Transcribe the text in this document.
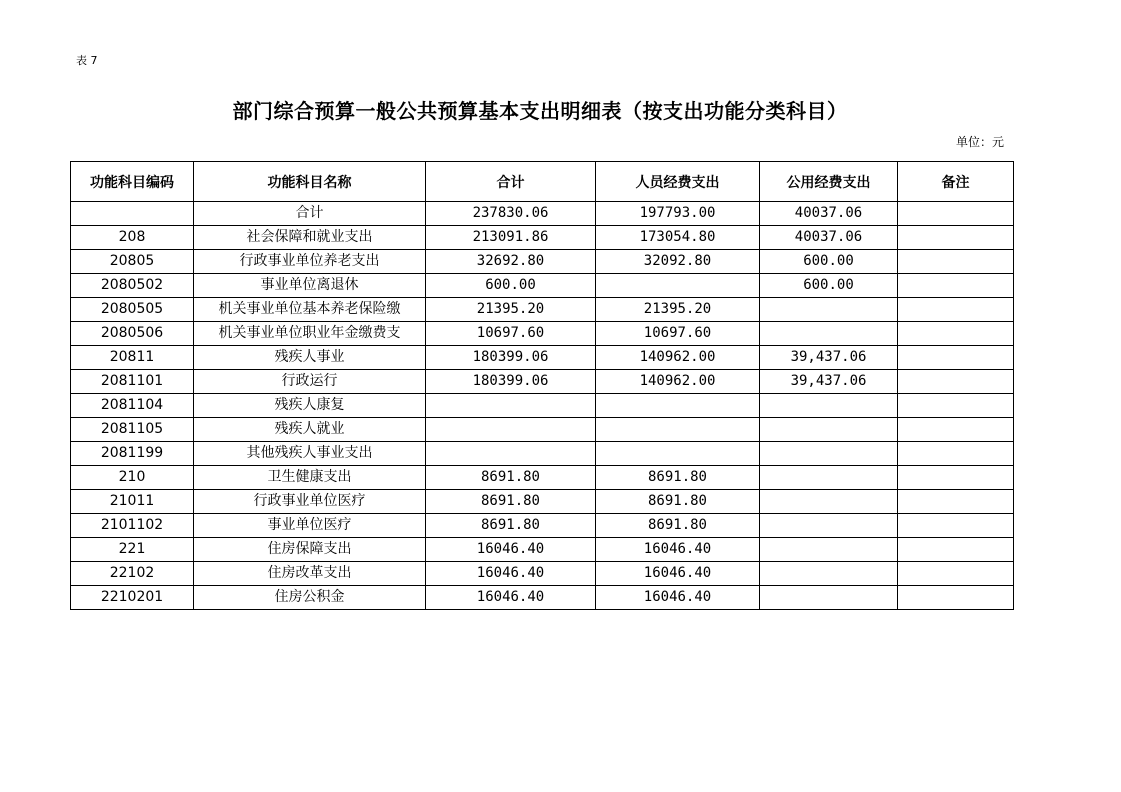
表 7
部门综合预算一般公共预算基本支出明细表（按支出功能分类科目）
单位：元
功能科目编码	功能科目名称	合计	人员经费支出	公用经费支出	备注
	合计	237830.06	197793.00	40037.06	
208	社会保障和就业支出	213091.86	173054.80	40037.06	
20805	行政事业单位养老支出	32692.80	32092.80	600.00	
2080502	事业单位离退休	600.00		600.00	
2080505	机关事业单位基本养老保险缴	21395.20	21395.20		
2080506	机关事业单位职业年金缴费支	10697.60	10697.60		
20811	残疾人事业	180399.06	140962.00	39,437.06	
2081101	行政运行	180399.06	140962.00	39,437.06	
2081104	残疾人康复				
2081105	残疾人就业				
2081199	其他残疾人事业支出				
210	卫生健康支出	8691.80	8691.80		
21011	行政事业单位医疗	8691.80	8691.80		
2101102	事业单位医疗	8691.80	8691.80		
221	住房保障支出	16046.40	16046.40		
22102	住房改革支出	16046.40	16046.40		
2210201	住房公积金	16046.40	16046.40		
